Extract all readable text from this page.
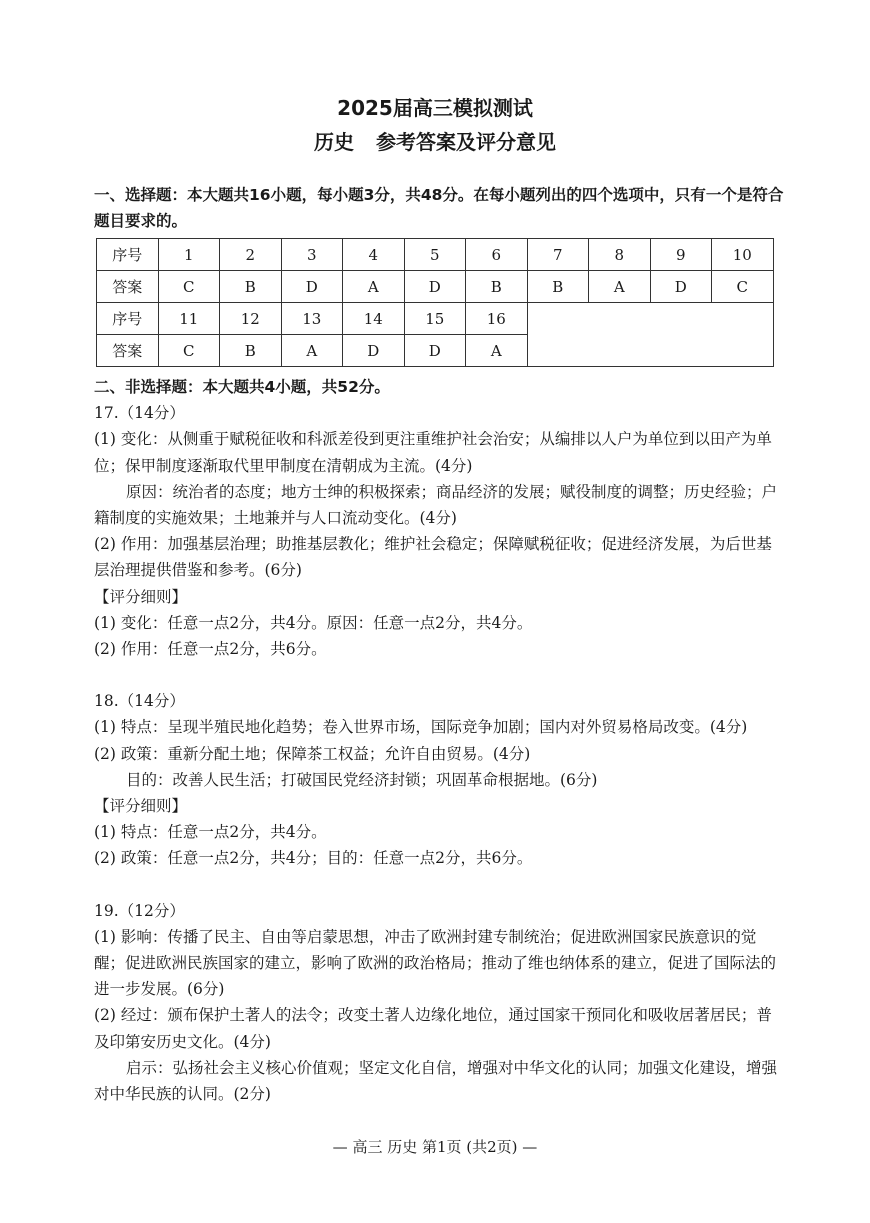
2025届高三模拟测试
历史 参考答案及评分意见
一、选择题：本大题共16小题，每小题3分，共48分。在每小题列出的四个选项中，只有一个是符合题目要求的。
序号	1	2	3	4	5	6	7	8	9	10
答案	C	B	D	A	D	B	B	A	D	C
序号	11	12	13	14	15	16				
答案	C	B	A	D	D	A				

二、非选择题：本大题共4小题，共52分。

17.（14分）

(1) 变化：从侧重于赋税征收和科派差役到更注重维护社会治安；从编排以人户为单位到以田产为单位；保甲制度逐渐取代里甲制度在清朝成为主流。(4分)

原因：统治者的态度；地方士绅的积极探索；商品经济的发展；赋役制度的调整；历史经验；户籍制度的实施效果；土地兼并与人口流动变化。(4分)

(2) 作用：加强基层治理；助推基层教化；维护社会稳定；保障赋税征收；促进经济发展，为后世基层治理提供借鉴和参考。(6分)

【评分细则】

(1) 变化：任意一点2分，共4分。原因：任意一点2分，共4分。

(2) 作用：任意一点2分，共6分。

18.（14分）

(1) 特点：呈现半殖民地化趋势；卷入世界市场，国际竞争加剧；国内对外贸易格局改变。(4分)

(2) 政策：重新分配土地；保障茶工权益；允许自由贸易。(4分)

目的：改善人民生活；打破国民党经济封锁；巩固革命根据地。(6分)

【评分细则】

(1) 特点：任意一点2分，共4分。

(2) 政策：任意一点2分，共4分；目的：任意一点2分，共6分。

19.（12分）

(1) 影响：传播了民主、自由等启蒙思想，冲击了欧洲封建专制统治；促进欧洲国家民族意识的觉醒；促进欧洲民族国家的建立，影响了欧洲的政治格局；推动了维也纳体系的建立，促进了国际法的进一步发展。(6分)

(2) 经过：颁布保护土著人的法令；改变土著人边缘化地位，通过国家干预同化和吸收居著居民；普及印第安历史文化。(4分)

启示：弘扬社会主义核心价值观；坚定文化自信，增强对中华文化的认同；加强文化建设，增强对中华民族的认同。(2分)

— 高三 历史 第1页 (共2页) —
